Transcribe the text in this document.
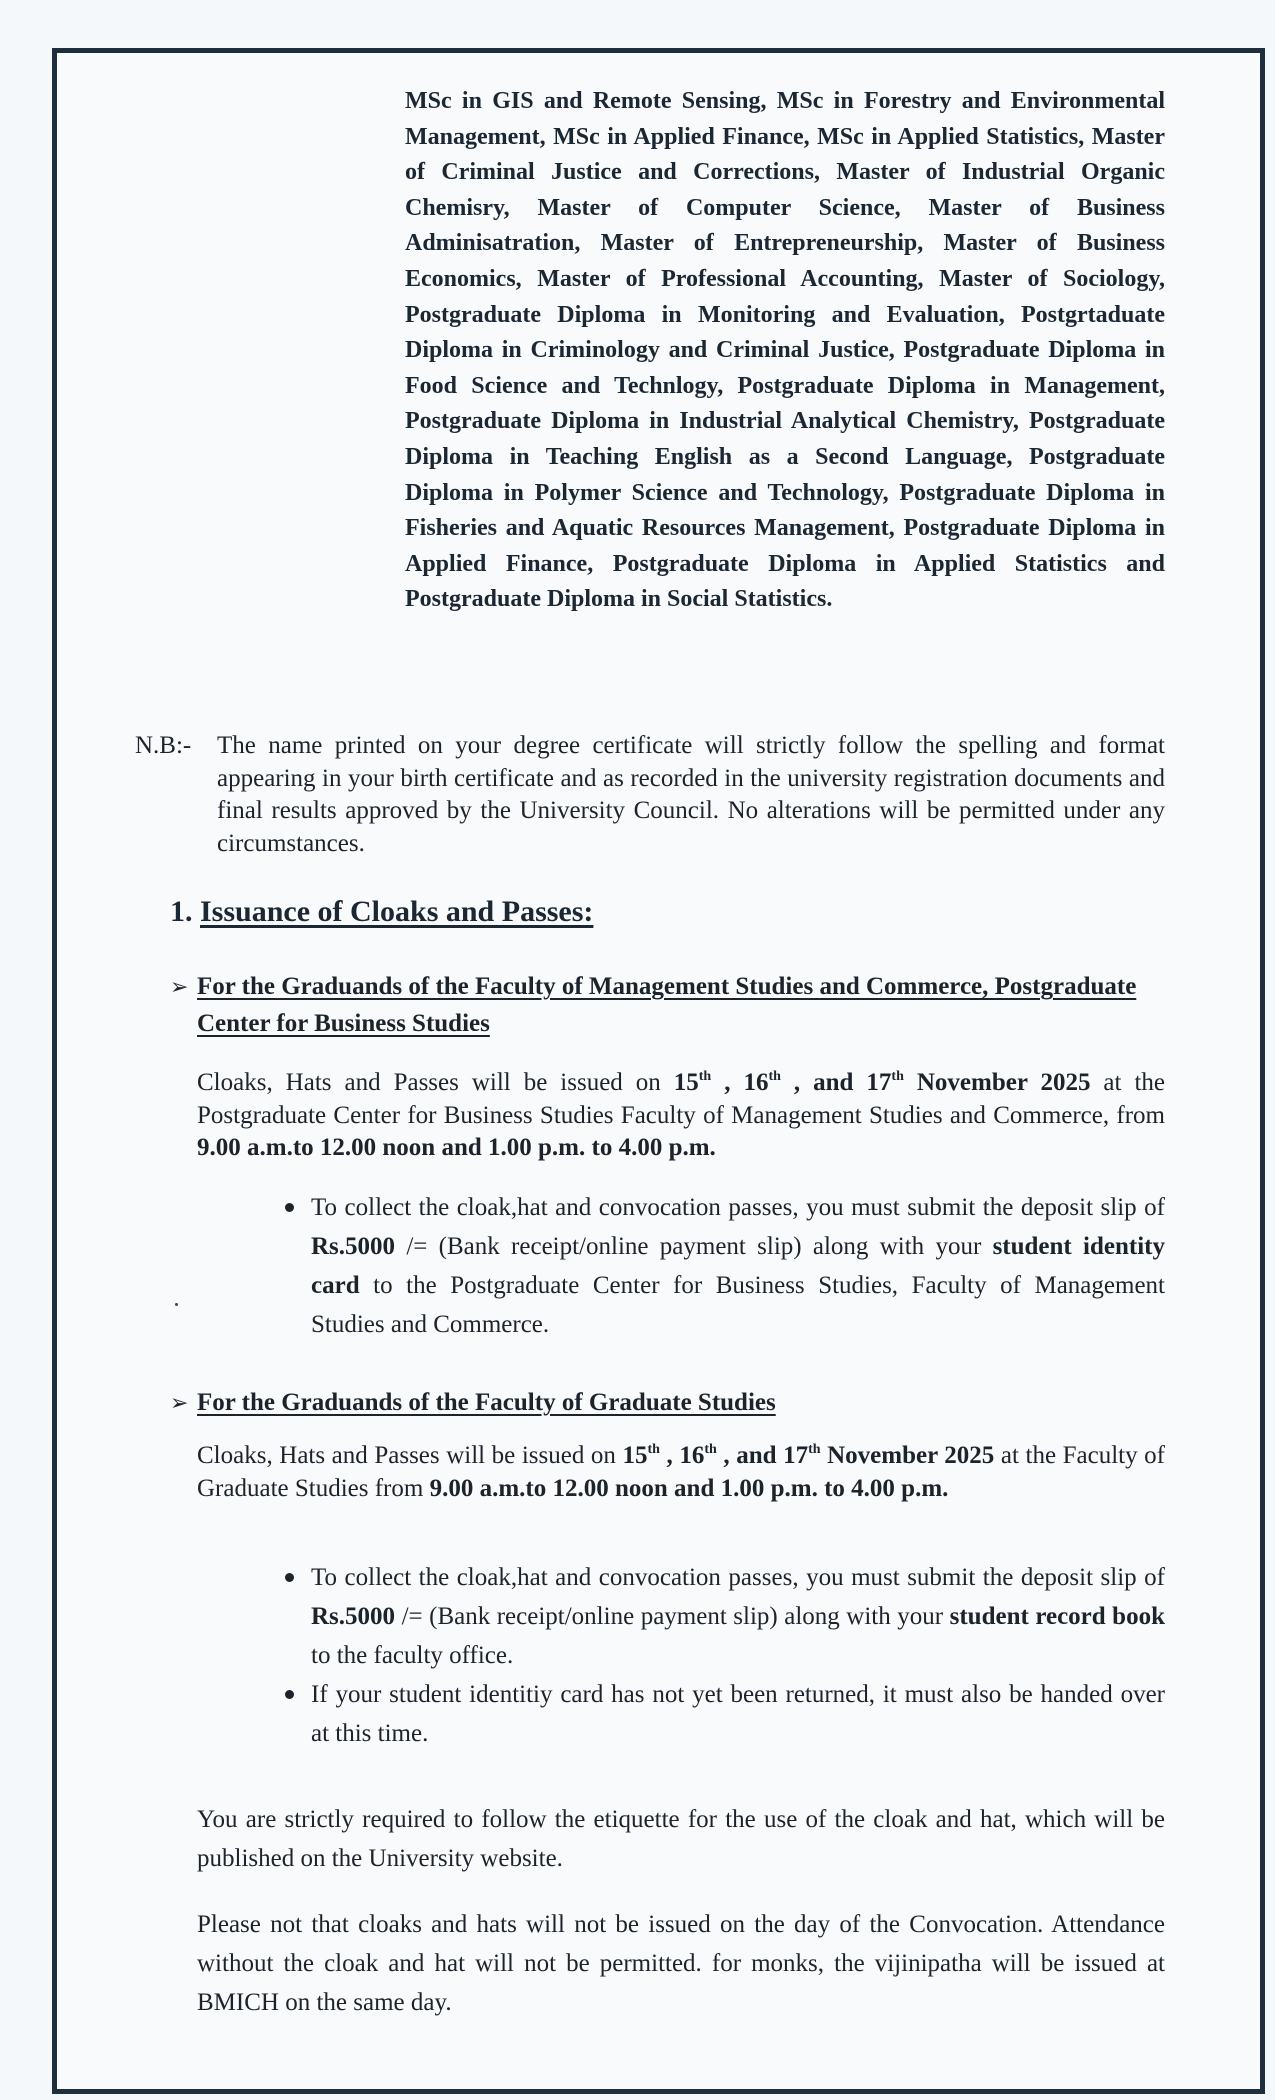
MSc in GIS and Remote Sensing, MSc in Forestry and Environmental Management, MSc in Applied Finance, MSc in Applied Statistics, Master of Criminal Justice and Corrections, Master of Industrial Organic Chemisry, Master of Computer Science, Master of Business Adminisatration, Master of Entrepreneurship, Master of Business Economics, Master of Professional Accounting, Master of Sociology, Postgraduate Diploma in Monitoring and Evaluation, Postgrtaduate Diploma in Criminology and Criminal Justice, Postgraduate Diploma in Food Science and Technlogy, Postgraduate Diploma in Management, Postgraduate Diploma in Industrial Analytical Chemistry, Postgraduate Diploma in Teaching English as a Second Language, Postgraduate Diploma in Polymer Science and Technology, Postgraduate Diploma in Fisheries and Aquatic Resources Management, Postgraduate Diploma in Applied Finance, Postgraduate Diploma in Applied Statistics and Postgraduate Diploma in Social Statistics.
N.B:-	The name printed on your degree certificate will strictly follow the spelling and format appearing in your birth certificate and as recorded in the university registration documents and final results approved by the University Council. No alterations will be permitted under any circumstances.
1. Issuance of Cloaks and Passes:
➢ For the Graduands of the Faculty of Management Studies and Commerce, Postgraduate Center for Business Studies
Cloaks, Hats and Passes will be issued on 15th , 16th , and 17th November 2025 at the Postgraduate Center for Business Studies Faculty of Management Studies and Commerce, from 9.00 a.m.to 12.00 noon and 1.00 p.m. to 4.00 p.m.
To collect the cloak,hat and convocation passes, you must submit the deposit slip of Rs.5000 /= (Bank receipt/online payment slip) along with your student identity card to the Postgraduate Center for Business Studies, Faculty of Management Studies and Commerce.
➢ For the Graduands of the Faculty of Graduate Studies
Cloaks, Hats and Passes will be issued on 15th , 16th , and 17th November 2025 at the Faculty of Graduate Studies from 9.00 a.m.to 12.00 noon and 1.00 p.m. to 4.00 p.m.
To collect the cloak,hat and convocation passes, you must submit the deposit slip of Rs.5000 /= (Bank receipt/online payment slip) along with your student record book to the faculty office.
If your student identitiy card has not yet been returned, it must also be handed over at this time.
You are strictly required to follow the etiquette for the use of the cloak and hat, which will be published on the University website.
Please not that cloaks and hats will not be issued on the day of the Convocation. Attendance without the cloak and hat will not be permitted. for monks, the vijinipatha will be issued at BMICH on the same day.
